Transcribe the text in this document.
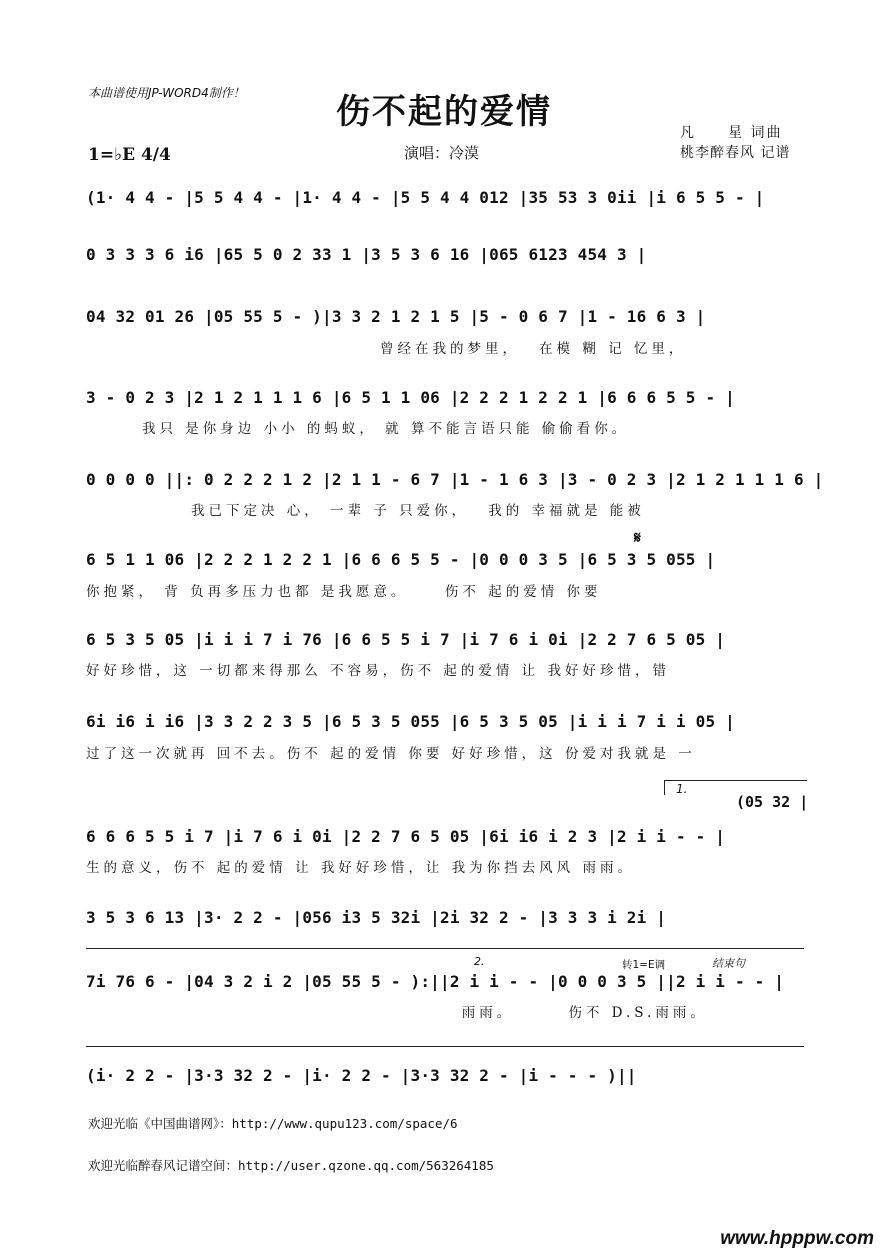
本曲谱使用JP-WORD4制作！	伤不起的爱情
1=♭E 4/4	演唱：冷漠
凡　　星 词曲
桃李醉春风 记谱
(1· 4 4 - |5 5 4 4 - |1· 4 4 - |5 5 4 4 012 |35 53 3 0ii |i 6 5 5 - |
0 3 3 3 6 i6 |65 5 0 2 33 1 |3 5 3 6 16 |065 6123 454 3 |
04 32 01 26 |05 55 5 - )|3 3 2 1 2 1 5 |5 - 0 6 7 |1 - 16 6 3 |
曾经在我的梦里，　 在模 糊 记 忆里，
3 - 0 2 3 |2 1 2 1 1 1 6 |6 5 1 1 06 |2 2 2 1 2 2 1 |6 6 6 5 5 - |
我只 是你身边 小小 的蚂蚁， 就 算不能言语只能 偷偷看你。
0 0 0 0 ||: 0 2 2 2 1 2 |2 1 1 - 6 7 |1 - 1 6 3 |3 - 0 2 3 |2 1 2 1 1 1 6 |
　　　　　　我已下定决 心， 一辈 子 只爱你，　 我的 幸福就是 能被
6 5 1 1 06 |2 2 2 1 2 2 1 |6 6 6 5 5 - |0 0 0 3 5 |6 5 3 5 055 |
你抱紧， 背 负再多压力也都 是我愿意。　　 伤不 起的爱情 你要
𝄋
6 5 3 5 05 |i i i 7 i 76 |6 6 5 5 i 7 |i 7 6 i 0i |2 2 7 6 5 05 |
好好珍惜，这 一切都来得那么 不容易，伤不 起的爱情 让 我好好珍惜，错
6i i6 i i6 |3 3 2 2 3 5 |6 5 3 5 055 |6 5 3 5 05 |i i i 7 i i 05 |
过了这一次就再 回不去。伤不 起的爱情 你要 好好珍惜，这 份爱对我就是 一
1.
(05 32 |
6 6 6 5 5 i 7 |i 7 6 i 0i |2 2 7 6 5 05 |6i i6 i 2 3 |2 i i - - |
生的意义，伤不 起的爱情 让 我好好珍惜，让 我为你挡去风风 雨雨。
3 5 3 6 13 |3· 2 2 - |056 i3 5 32i |2i 32 2 - |3 3 3 i 2i |
2.	转1=E调	结束句
7i 76 6 - |04 3 2 i 2 |05 55 5 - ):||2 i i - - |0 0 0 3 5 ||2 i i - - |
　　　　　　　　　　　　　　　　　　　　　 雨雨。　　　 伤不 D.S.雨雨。
(i· 2 2 - |3·3 32 2 - |i· 2 2 - |3·3 32 2 - |i - - - )||
欢迎光临《中国曲谱网》：http://www.qupu123.com/space/6
欢迎光临醉春风记谱空间：http://user.qzone.qq.com/563264185
www.hpppw.com
